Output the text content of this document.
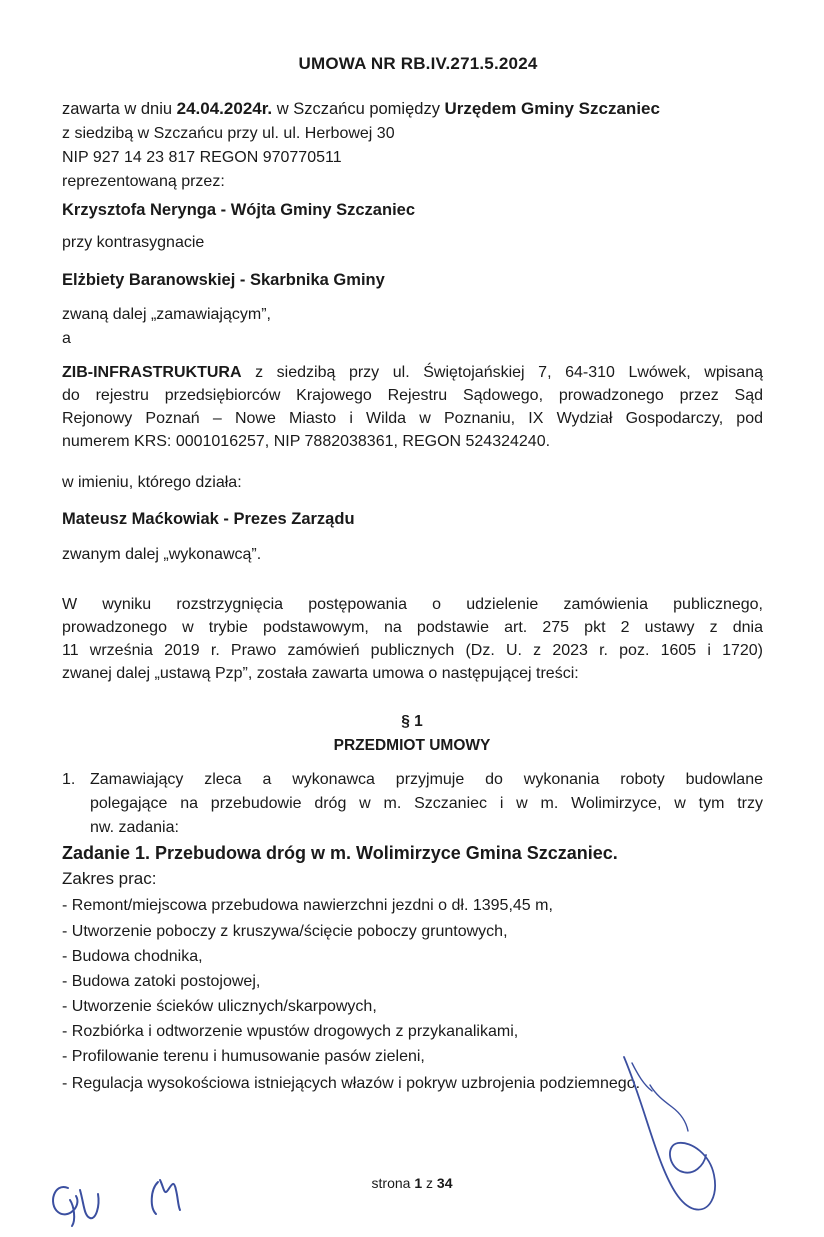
UMOWA NR RB.IV.271.5.2024
zawarta w dniu 24.04.2024r. w Szczańcu pomiędzy Urzędem Gminy Szczaniec
z siedzibą w Szczańcu przy ul. ul. Herbowej 30
NIP 927 14 23 817 REGON 970770511
reprezentowaną przez:
Krzysztofa Nerynga - Wójta Gminy Szczaniec
przy kontrasygnacie
Elżbiety Baranowskiej - Skarbnika Gminy
zwaną dalej „zamawiającym”,
a
ZIB-INFRASTRUKTURA z siedzibą przy ul. Świętojańskiej 7, 64-310 Lwówek, wpisaną
do rejestru przedsiębiorców Krajowego Rejestru Sądowego, prowadzonego przez Sąd
Rejonowy Poznań – Nowe Miasto i Wilda w Poznaniu, IX Wydział Gospodarczy, pod
numerem KRS: 0001016257, NIP 7882038361, REGON 524324240.
w imieniu, którego działa:
Mateusz Maćkowiak - Prezes Zarządu
zwanym dalej „wykonawcą”.
W wyniku rozstrzygnięcia postępowania o udzielenie zamówienia publicznego,
prowadzonego w trybie podstawowym, na podstawie art. 275 pkt 2 ustawy z dnia
11 września 2019 r. Prawo zamówień publicznych (Dz. U. z 2023 r. poz. 1605 i 1720)
zwanej dalej „ustawą Pzp”, została zawarta umowa o następującej treści:
§ 1
PRZEDMIOT UMOWY
1. Zamawiający zleca a wykonawca przyjmuje do wykonania roboty budowlane
polegające na przebudowie dróg w m. Szczaniec i w m. Wolimirzyce, w tym trzy
nw. zadania:
Zadanie 1. Przebudowa dróg w m. Wolimirzyce Gmina Szczaniec.
Zakres prac:
- Remont/miejscowa przebudowa nawierzchni jezdni o dł. 1395,45 m,
- Utworzenie poboczy z kruszywa/ścięcie poboczy gruntowych,
- Budowa chodnika,
- Budowa zatoki postojowej,
- Utworzenie ścieków ulicznych/skarpowych,
- Rozbiórka i odtworzenie wpustów drogowych z przykanalikami,
- Profilowanie terenu i humusowanie pasów zieleni,
- Regulacja wysokościowa istniejących włazów i pokryw uzbrojenia podziemnego.
strona 1 z 34
